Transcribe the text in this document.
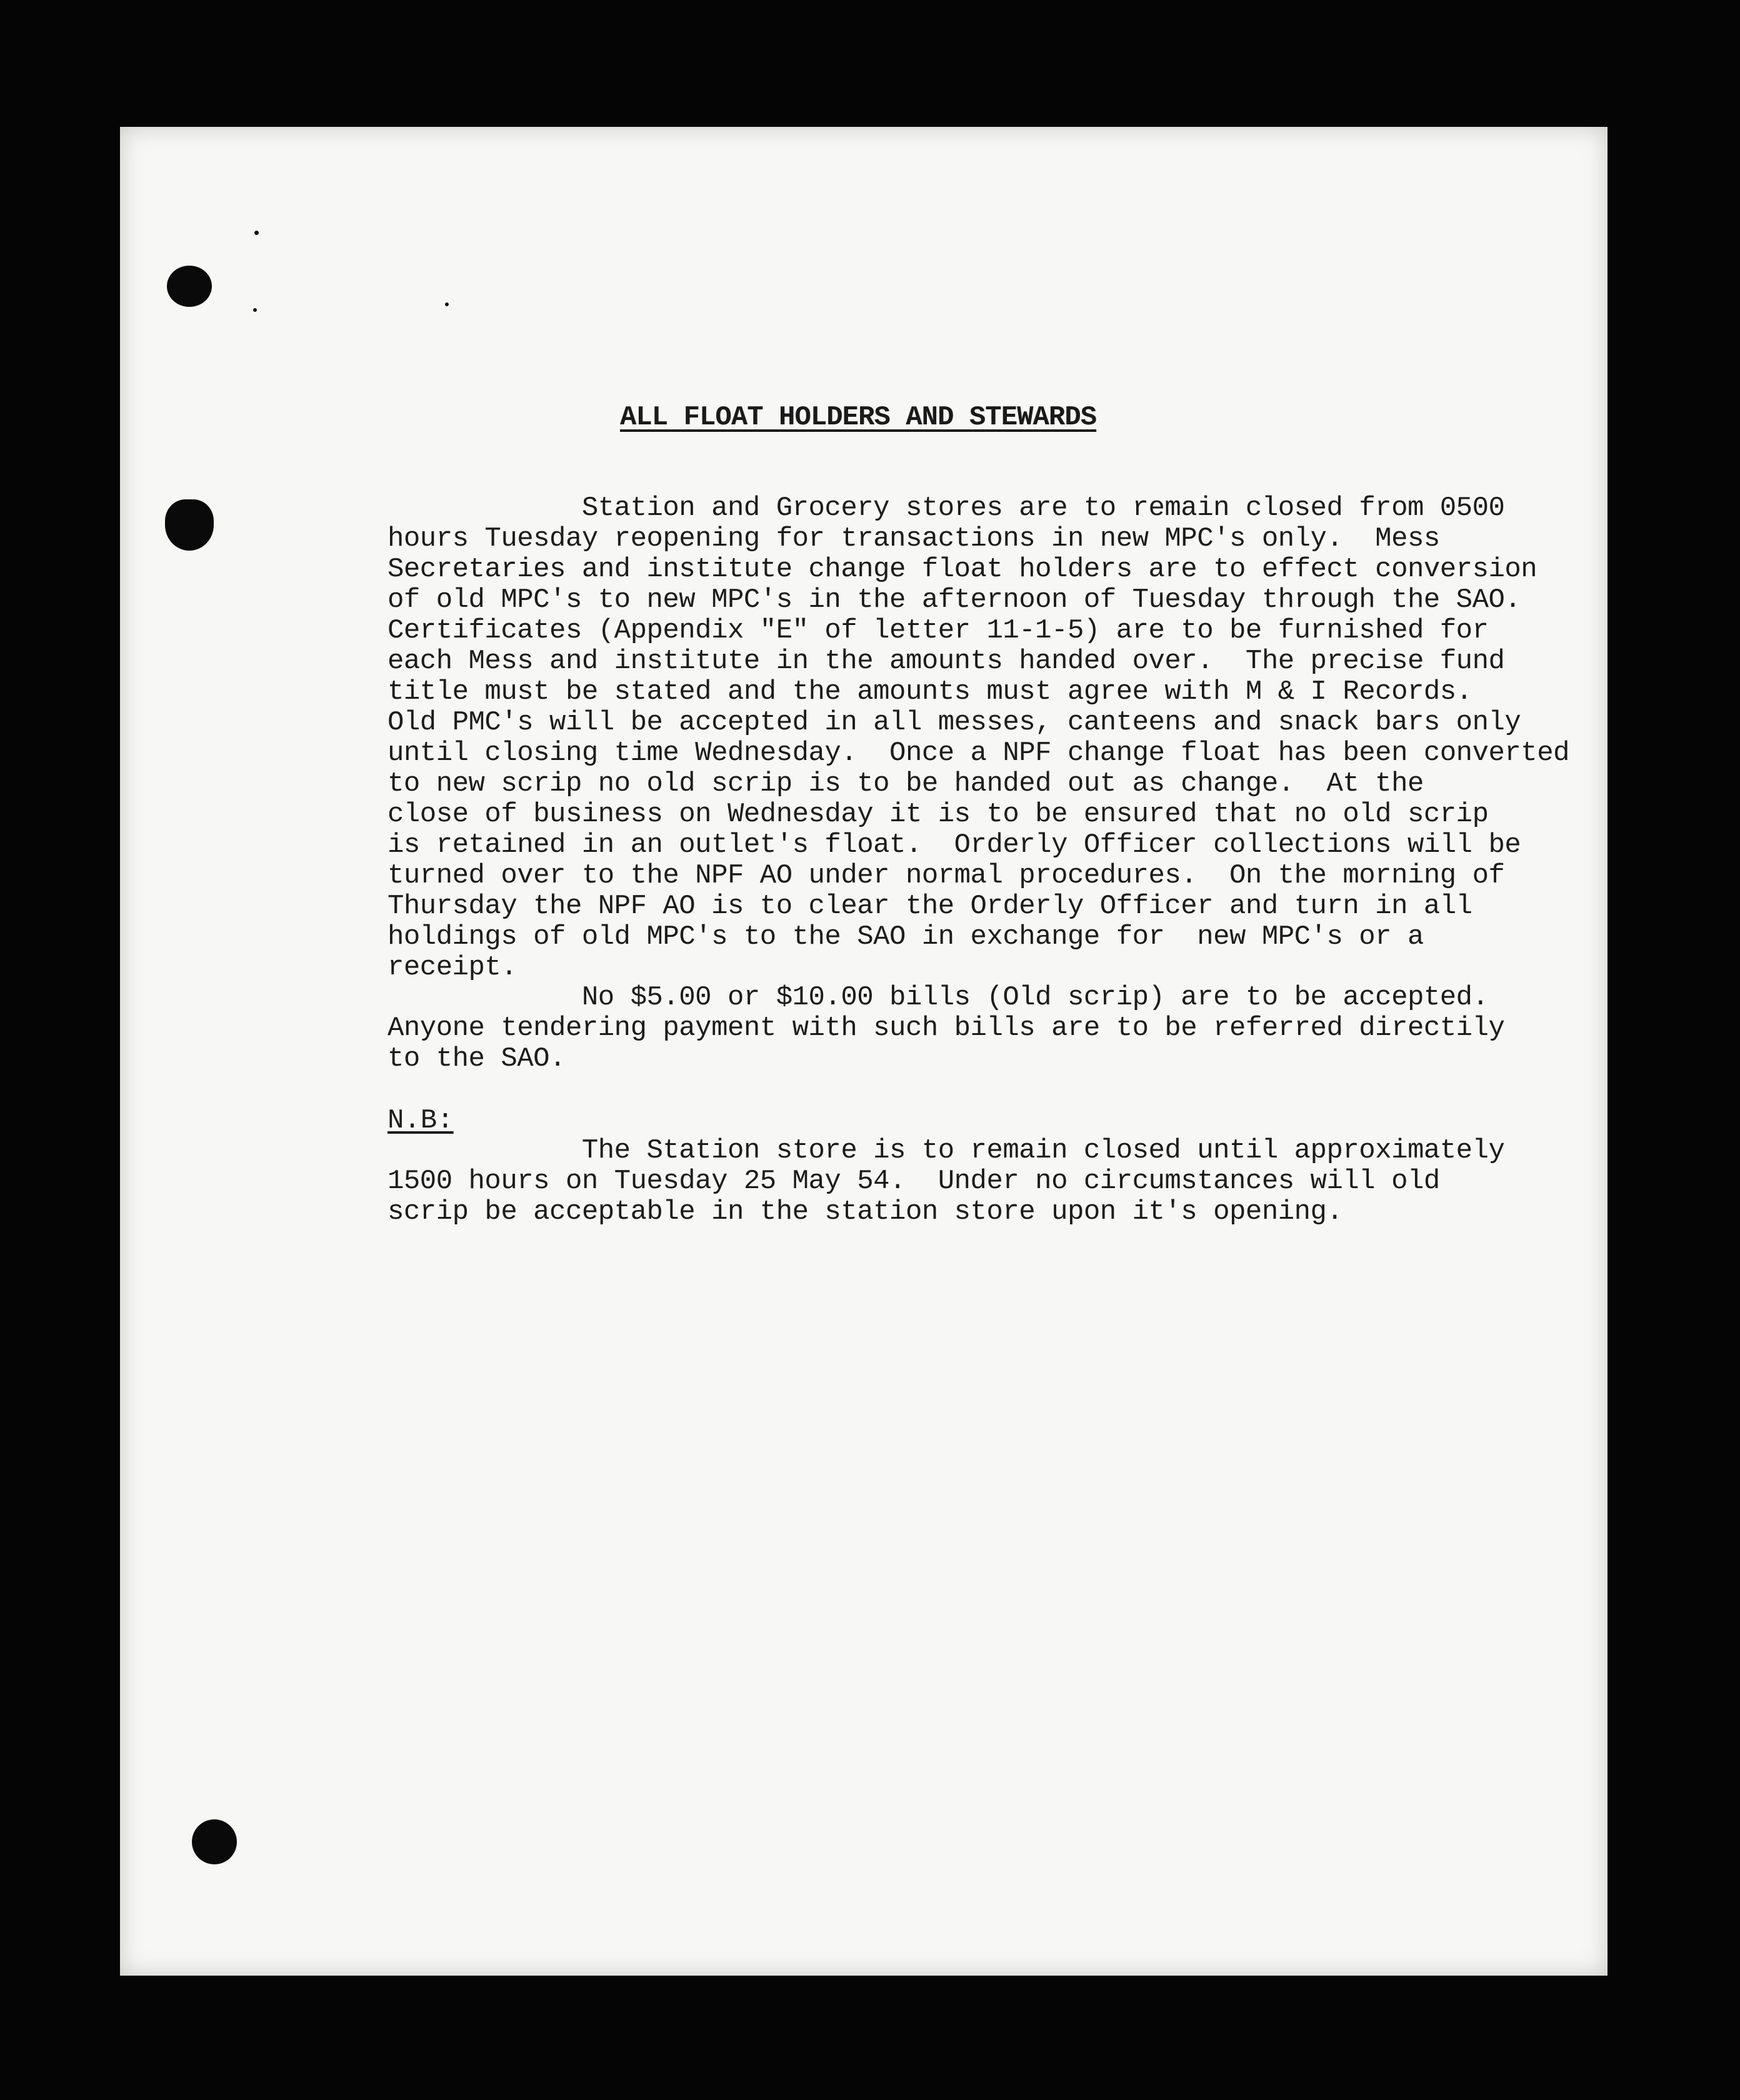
ALL FLOAT HOLDERS AND STEWARDS
Station and Grocery stores are to remain closed from 0500
hours Tuesday reopening for transactions in new MPC's only.  Mess
Secretaries and institute change float holders are to effect conversion
of old MPC's to new MPC's in the afternoon of Tuesday through the SAO.
Certificates (Appendix "E" of letter 11-1-5) are to be furnished for
each Mess and institute in the amounts handed over.  The precise fund
title must be stated and the amounts must agree with M & I Records.
Old PMC's will be accepted in all messes, canteens and snack bars only
until closing time Wednesday.  Once a NPF change float has been converted
to new scrip no old scrip is to be handed out as change.  At the
close of business on Wednesday it is to be ensured that no old scrip
is retained in an outlet's float.  Orderly Officer collections will be
turned over to the NPF AO under normal procedures.  On the morning of
Thursday the NPF AO is to clear the Orderly Officer and turn in all
holdings of old MPC's to the SAO in exchange for  new MPC's or a
receipt.
No $5.00 or $10.00 bills (Old scrip) are to be accepted.
Anyone tendering payment with such bills are to be referred directily
to the SAO.
N.B:
The Station store is to remain closed until approximately
1500 hours on Tuesday 25 May 54.  Under no circumstances will old
scrip be acceptable in the station store upon it's opening.
